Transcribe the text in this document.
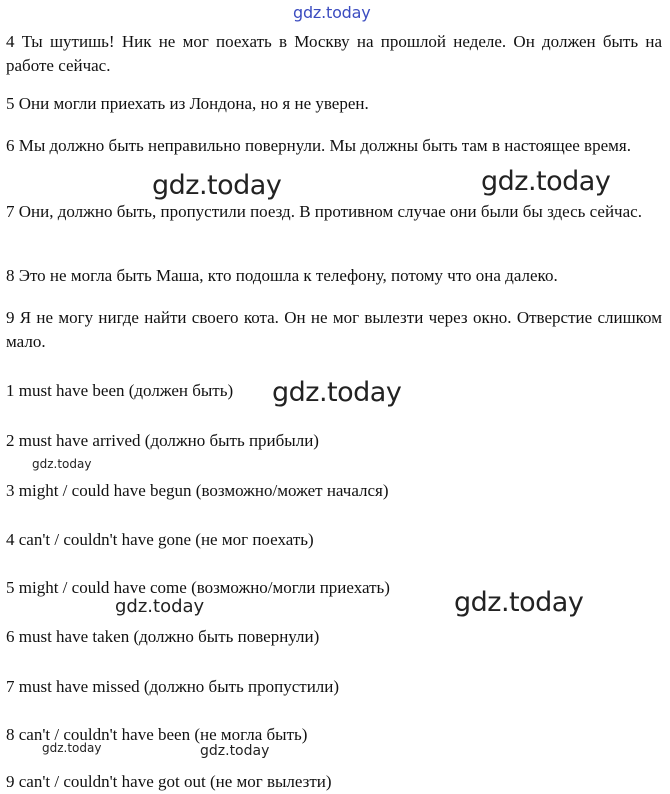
gdz.today
gdz.today	gdz.today
gdz.today
gdz.today
gdz.today
gdz.today
gdz.today	gdz.today
4 Ты шутишь! Ник не мог поехать в Москву на прошлой неделе. Он должен быть на работе сейчас.
5 Они могли приехать из Лондона, но я не уверен.
6 Мы должно быть неправильно повернули. Мы должны быть там в настоящее время.
7 Они, должно быть, пропустили поезд. В противном случае они были бы здесь сейчас.
8 Это не могла быть Маша, кто подошла к телефону, потому что она далеко.
9 Я не могу нигде найти своего кота. Он не мог вылезти через окно. Отверстие слишком мало.
1 must have been (должен быть)
2 must have arrived (должно быть прибыли)
3 might / could have begun (возможно/может начался)
4 can't / couldn't have gone (не мог поехать)
5 might / could have come (возможно/могли приехать)
6 must have taken (должно быть повернули)
7 must have missed (должно быть пропустили)
8 can't / couldn't have been (не могла быть)
9 can't / couldn't have got out (не мог вылезти)
